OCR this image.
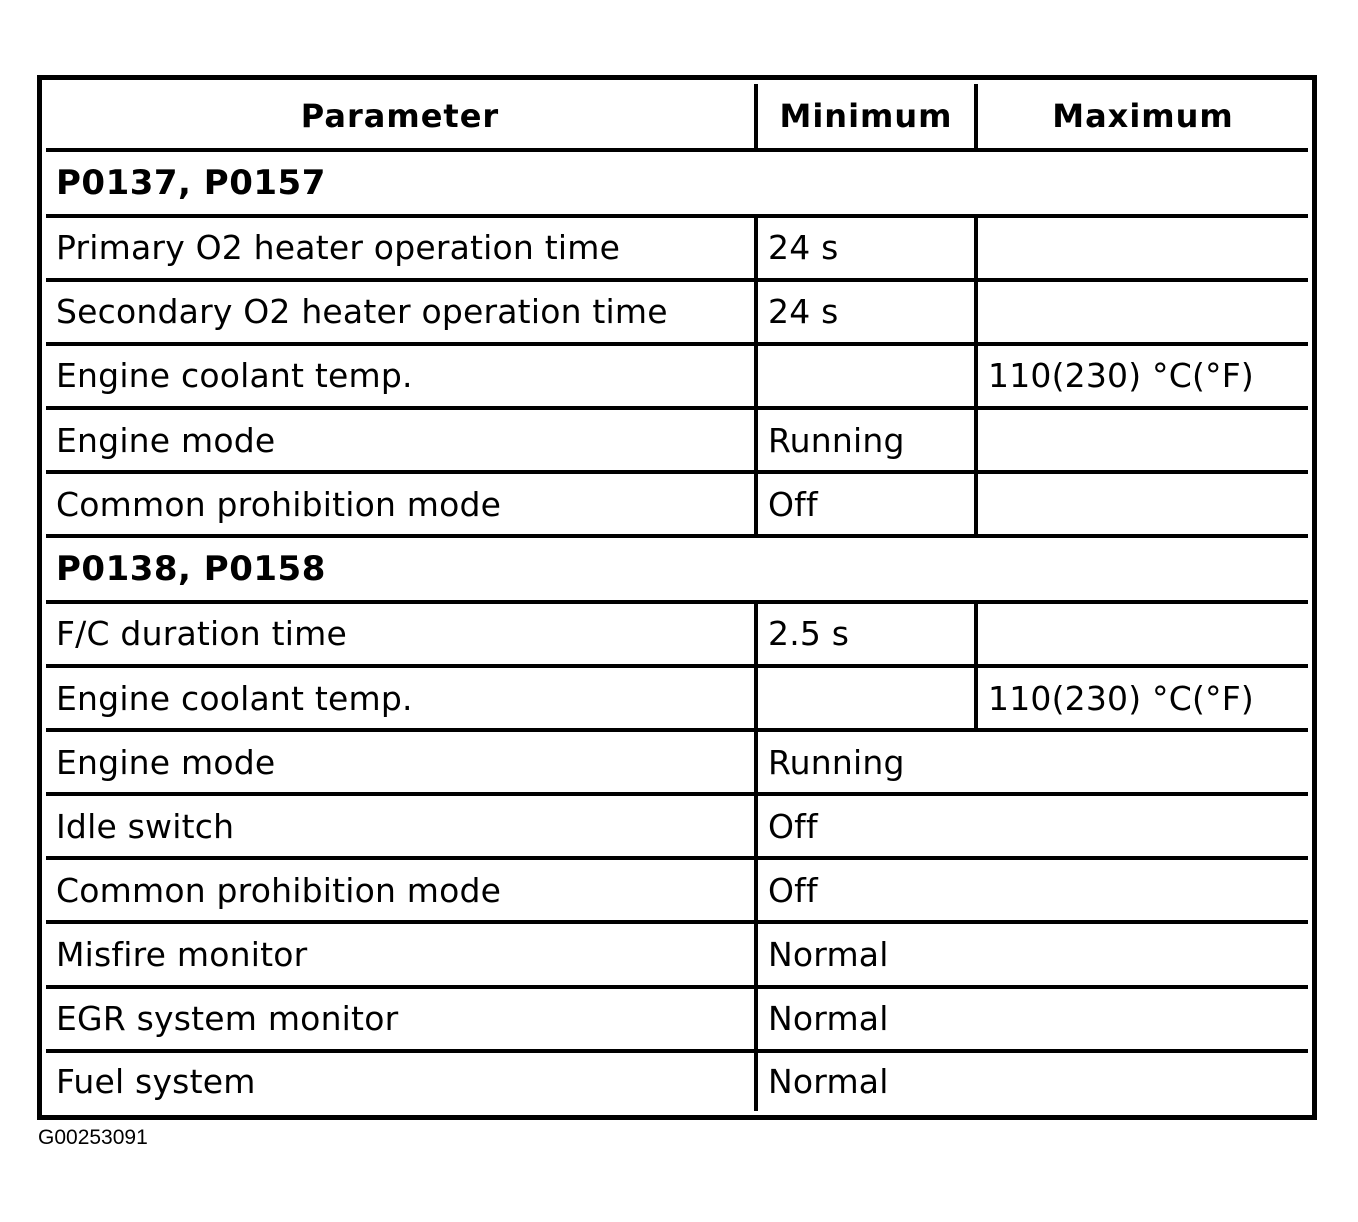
Parameter	Minimum	Maximum
P0137, P0157		
Primary O2 heater operation time	24 s	
Secondary O2 heater operation time	24 s	
Engine coolant temp.		110(230) °C(°F)
Engine mode	Running	
Common prohibition mode	Off	
P0138, P0158		
F/C duration time	2.5 s	
Engine coolant temp.		110(230) °C(°F)
Engine mode	Running	
Idle switch	Off	
Common prohibition mode	Off	
Misfire monitor	Normal	
EGR system monitor	Normal	
Fuel system	Normal	
G00253091
